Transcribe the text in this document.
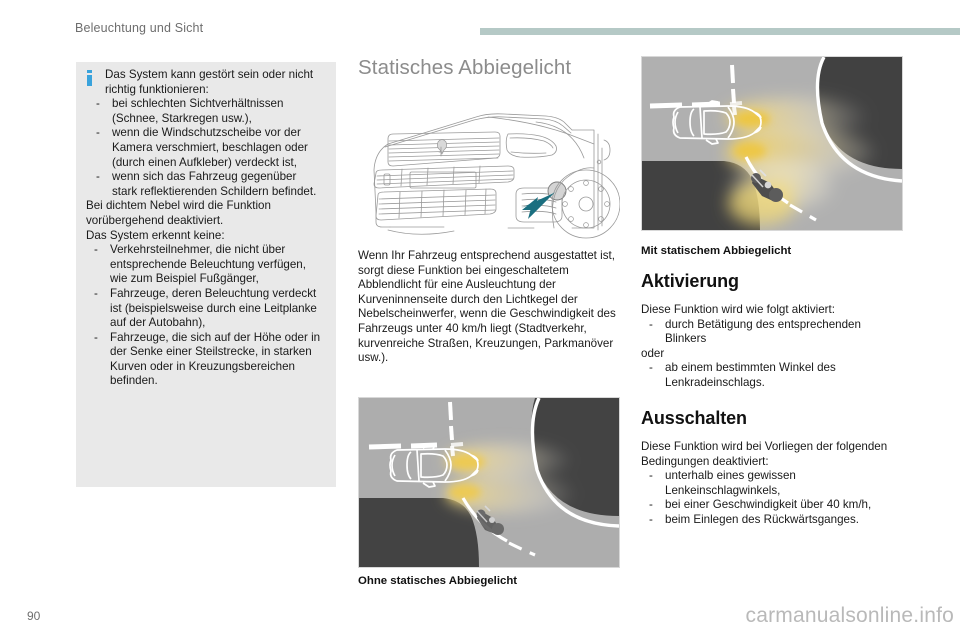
Beleuchtung und Sicht
Das System kann gestört sein oder nicht richtig funktionieren:
- bei schlechten Sichtverhältnissen (Schnee, Starkregen usw.),
- wenn die Windschutzscheibe vor der Kamera verschmiert, beschlagen oder (durch einen Aufkleber) verdeckt ist,
- wenn sich das Fahrzeug gegenüber stark reflektierenden Schildern befindet.
Bei dichtem Nebel wird die Funktion vorübergehend deaktiviert.
Das System erkennt keine:
- Verkehrsteilnehmer, die nicht über entsprechende Beleuchtung verfügen, wie zum Beispiel Fußgänger,
- Fahrzeuge, deren Beleuchtung verdeckt ist (beispielsweise durch eine Leitplanke auf der Autobahn),
- Fahrzeuge, die sich auf der Höhe oder in der Senke einer Steilstrecke, in starken Kurven oder in Kreuzungsbereichen befinden.
Statisches Abbiegelicht
Wenn Ihr Fahrzeug entsprechend ausgestattet ist, sorgt diese Funktion bei eingeschaltetem Abblendlicht für eine Ausleuchtung der Kurveninnenseite durch den Lichtkegel der Nebelscheinwerfer, wenn die Geschwindigkeit des Fahrzeugs unter 40 km/h liegt (Stadtverkehr, kurvenreiche Straßen, Kreuzungen, Parkmanöver usw.).
Ohne statisches Abbiegelicht
Mit statischem Abbiegelicht
Aktivierung
Diese Funktion wird wie folgt aktiviert:
- durch Betätigung des entsprechenden Blinkers
oder
- ab einem bestimmten Winkel des Lenkradeinschlags.
Ausschalten
Diese Funktion wird bei Vorliegen der folgenden Bedingungen deaktiviert:
- unterhalb eines gewissen Lenkeinschlagwinkels,
- bei einer Geschwindigkeit über 40 km/h,
- beim Einlegen des Rückwärtsganges.
90	carmanualsonline.info
